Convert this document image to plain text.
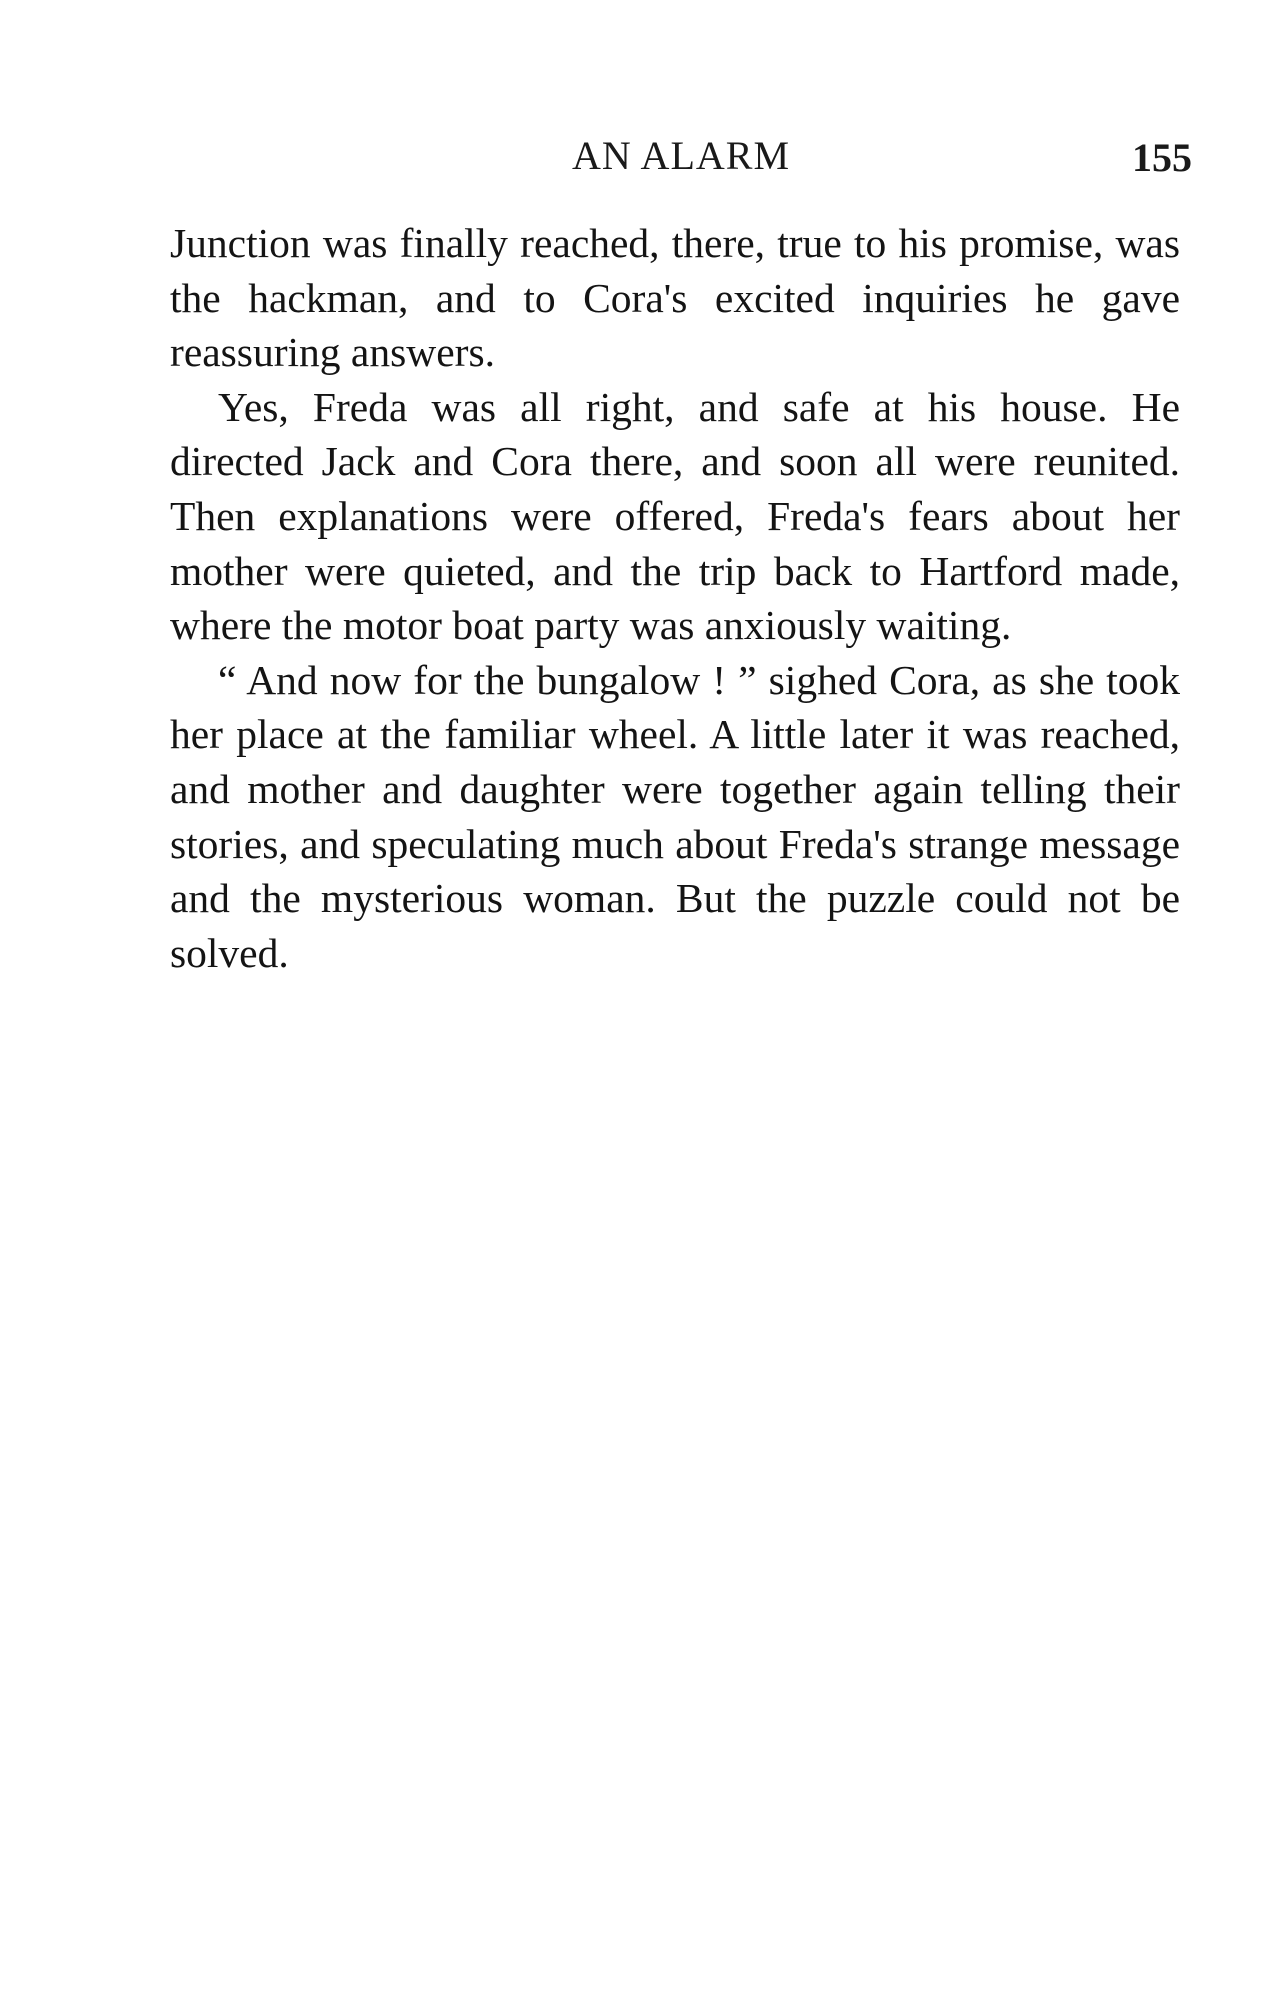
AN ALARM	155

Junction was finally reached, there, true to his promise, was the hackman, and to Cora's excited inquiries he gave reassuring answers.

Yes, Freda was all right, and safe at his house. He directed Jack and Cora there, and soon all were reunited. Then explanations were offered, Freda's fears about her mother were quieted, and the trip back to Hartford made, where the motor boat party was anxiously waiting.

“ And now for the bungalow ! ” sighed Cora, as she took her place at the familiar wheel. A little later it was reached, and mother and daughter were together again telling their stories, and speculating much about Freda's strange message and the mysterious woman. But the puzzle could not be solved.
